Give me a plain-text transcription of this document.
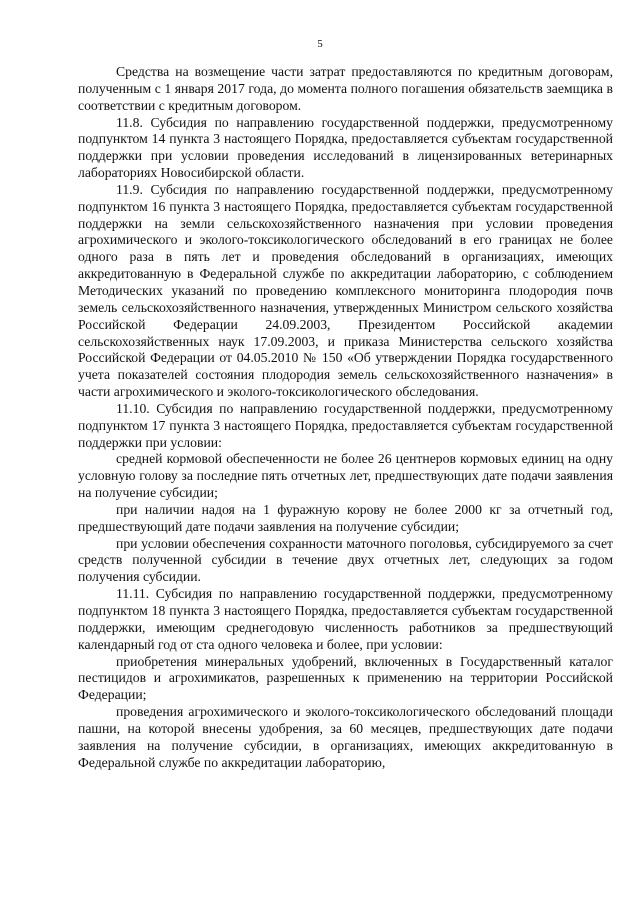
5

Средства на возмещение части затрат предоставляются по кредитным договорам, полученным с 1 января 2017 года, до момента полного погашения обязательств заемщика в соответствии с кредитным договором.

11.8. Субсидия по направлению государственной поддержки, предусмотренному подпунктом 14 пункта 3 настоящего Порядка, предоставляется субъектам государственной поддержки при условии проведения исследований в лицензированных ветеринарных лабораториях Новосибирской области.

11.9. Субсидия по направлению государственной поддержки, предусмотренному подпунктом 16 пункта 3 настоящего Порядка, предоставляется субъектам государственной поддержки на земли сельскохозяйственного назначения при условии проведения агрохимического и эколого-токсикологического обследований в его границах не более одного раза в пять лет и проведения обследований в организациях, имеющих аккредитованную в Федеральной службе по аккредитации лабораторию, с соблюдением Методических указаний по проведению комплексного мониторинга плодородия почв земель сельскохозяйственного назначения, утвержденных Министром сельского хозяйства Российской Федерации 24.09.2003, Президентом Российской академии сельскохозяйственных наук 17.09.2003, и приказа Министерства сельского хозяйства Российской Федерации от 04.05.2010 № 150 «Об утверждении Порядка государственного учета показателей состояния плодородия земель сельскохозяйственного назначения» в части агрохимического и эколого-токсикологического обследования.

11.10. Субсидия по направлению государственной поддержки, предусмотренному подпунктом 17 пункта 3 настоящего Порядка, предоставляется субъектам государственной поддержки при условии:

средней кормовой обеспеченности не более 26 центнеров кормовых единиц на одну условную голову за последние пять отчетных лет, предшествующих дате подачи заявления на получение субсидии;

при наличии надоя на 1 фуражную корову не более 2000 кг за отчетный год, предшествующий дате подачи заявления на получение субсидии;

при условии обеспечения сохранности маточного поголовья, субсидируемого за счет средств полученной субсидии в течение двух отчетных лет, следующих за годом получения субсидии.

11.11. Субсидия по направлению государственной поддержки, предусмотренному подпунктом 18 пункта 3 настоящего Порядка, предоставляется субъектам государственной поддержки, имеющим среднегодовую численность работников за предшествующий календарный год от ста одного человека и более, при условии:

приобретения минеральных удобрений, включенных в Государственный каталог пестицидов и агрохимикатов, разрешенных к применению на территории Российской Федерации;

проведения агрохимического и эколого-токсикологического обследований площади пашни, на которой внесены удобрения, за 60 месяцев, предшествующих дате подачи заявления на получение субсидии, в организациях, имеющих аккредитованную в Федеральной службе по аккредитации лабораторию,
